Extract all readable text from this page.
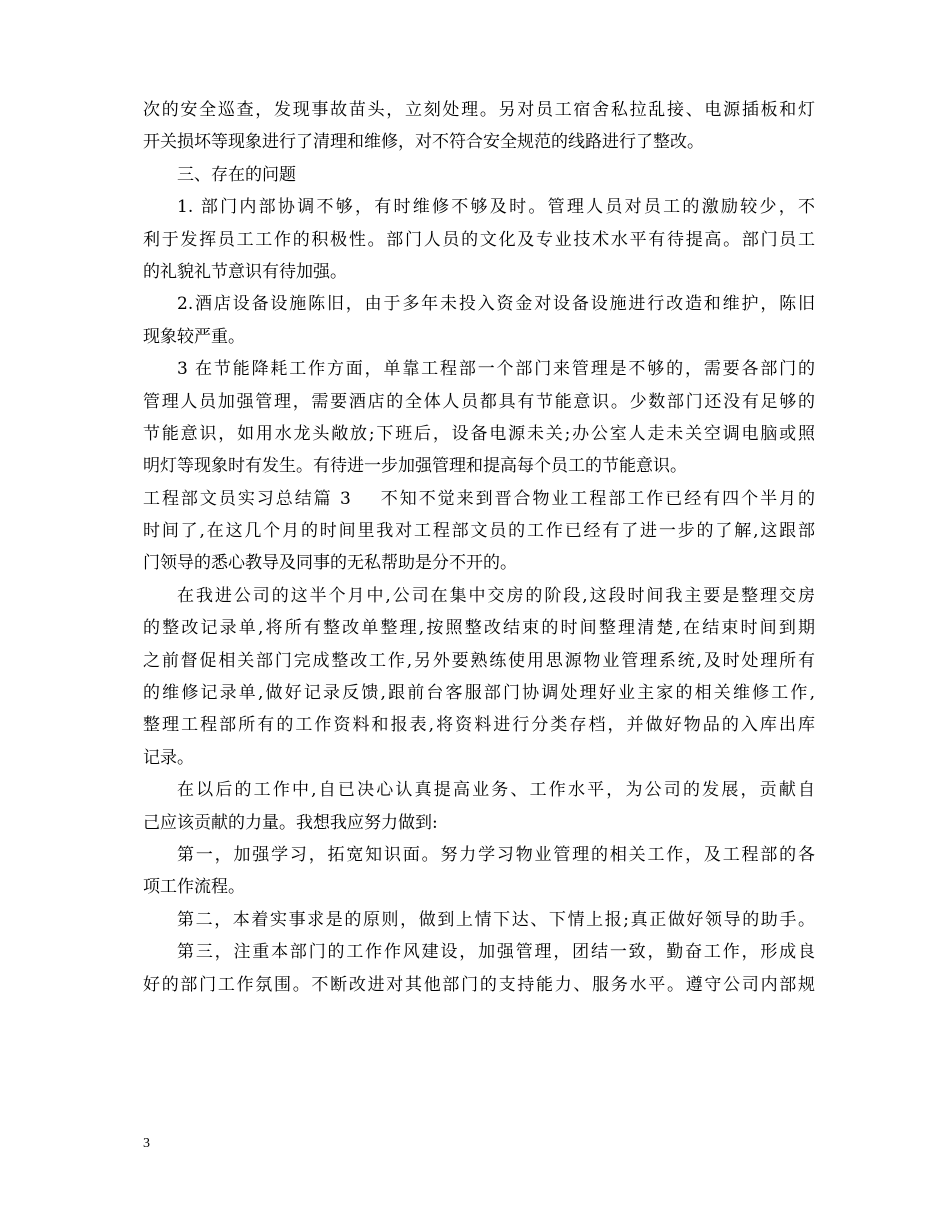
次的安全巡查，发现事故苗头，立刻处理。另对员工宿舍私拉乱接、电源插板和灯
开关损坏等现象进行了清理和维修，对不符合安全规范的线路进行了整改。
三、存在的问题
1. 部门内部协调不够，有时维修不够及时。管理人员对员工的激励较少，不
利于发挥员工工作的积极性。部门人员的文化及专业技术水平有待提高。部门员工
的礼貌礼节意识有待加强。
2.酒店设备设施陈旧，由于多年未投入资金对设备设施进行改造和维护，陈旧
现象较严重。
3 在节能降耗工作方面，单靠工程部一个部门来管理是不够的，需要各部门的
管理人员加强管理，需要酒店的全体人员都具有节能意识。少数部门还没有足够的
节能意识，如用水龙头敞放;下班后，设备电源未关;办公室人走未关空调电脑或照
明灯等现象时有发生。有待进一步加强管理和提高每个员工的节能意识。
工程部文员实习总结篇 3 不知不觉来到晋合物业工程部工作已经有四个半月的
时间了,在这几个月的时间里我对工程部文员的工作已经有了进一步的了解,这跟部
门领导的悉心教导及同事的无私帮助是分不开的。
在我进公司的这半个月中,公司在集中交房的阶段,这段时间我主要是整理交房
的整改记录单,将所有整改单整理,按照整改结束的时间整理清楚,在结束时间到期
之前督促相关部门完成整改工作,另外要熟练使用思源物业管理系统,及时处理所有
的维修记录单,做好记录反馈,跟前台客服部门协调处理好业主家的相关维修工作,
整理工程部所有的工作资料和报表,将资料进行分类存档，并做好物品的入库出库
记录。
在以后的工作中,自已决心认真提高业务、工作水平，为公司的发展，贡献自
己应该贡献的力量。我想我应努力做到:
第一，加强学习，拓宽知识面。努力学习物业管理的相关工作，及工程部的各
项工作流程。
第二，本着实事求是的原则，做到上情下达、下情上报;真正做好领导的助手。
第三，注重本部门的工作作风建设，加强管理，团结一致，勤奋工作，形成良
好的部门工作氛围。不断改进对其他部门的支持能力、服务水平。遵守公司内部规
3
